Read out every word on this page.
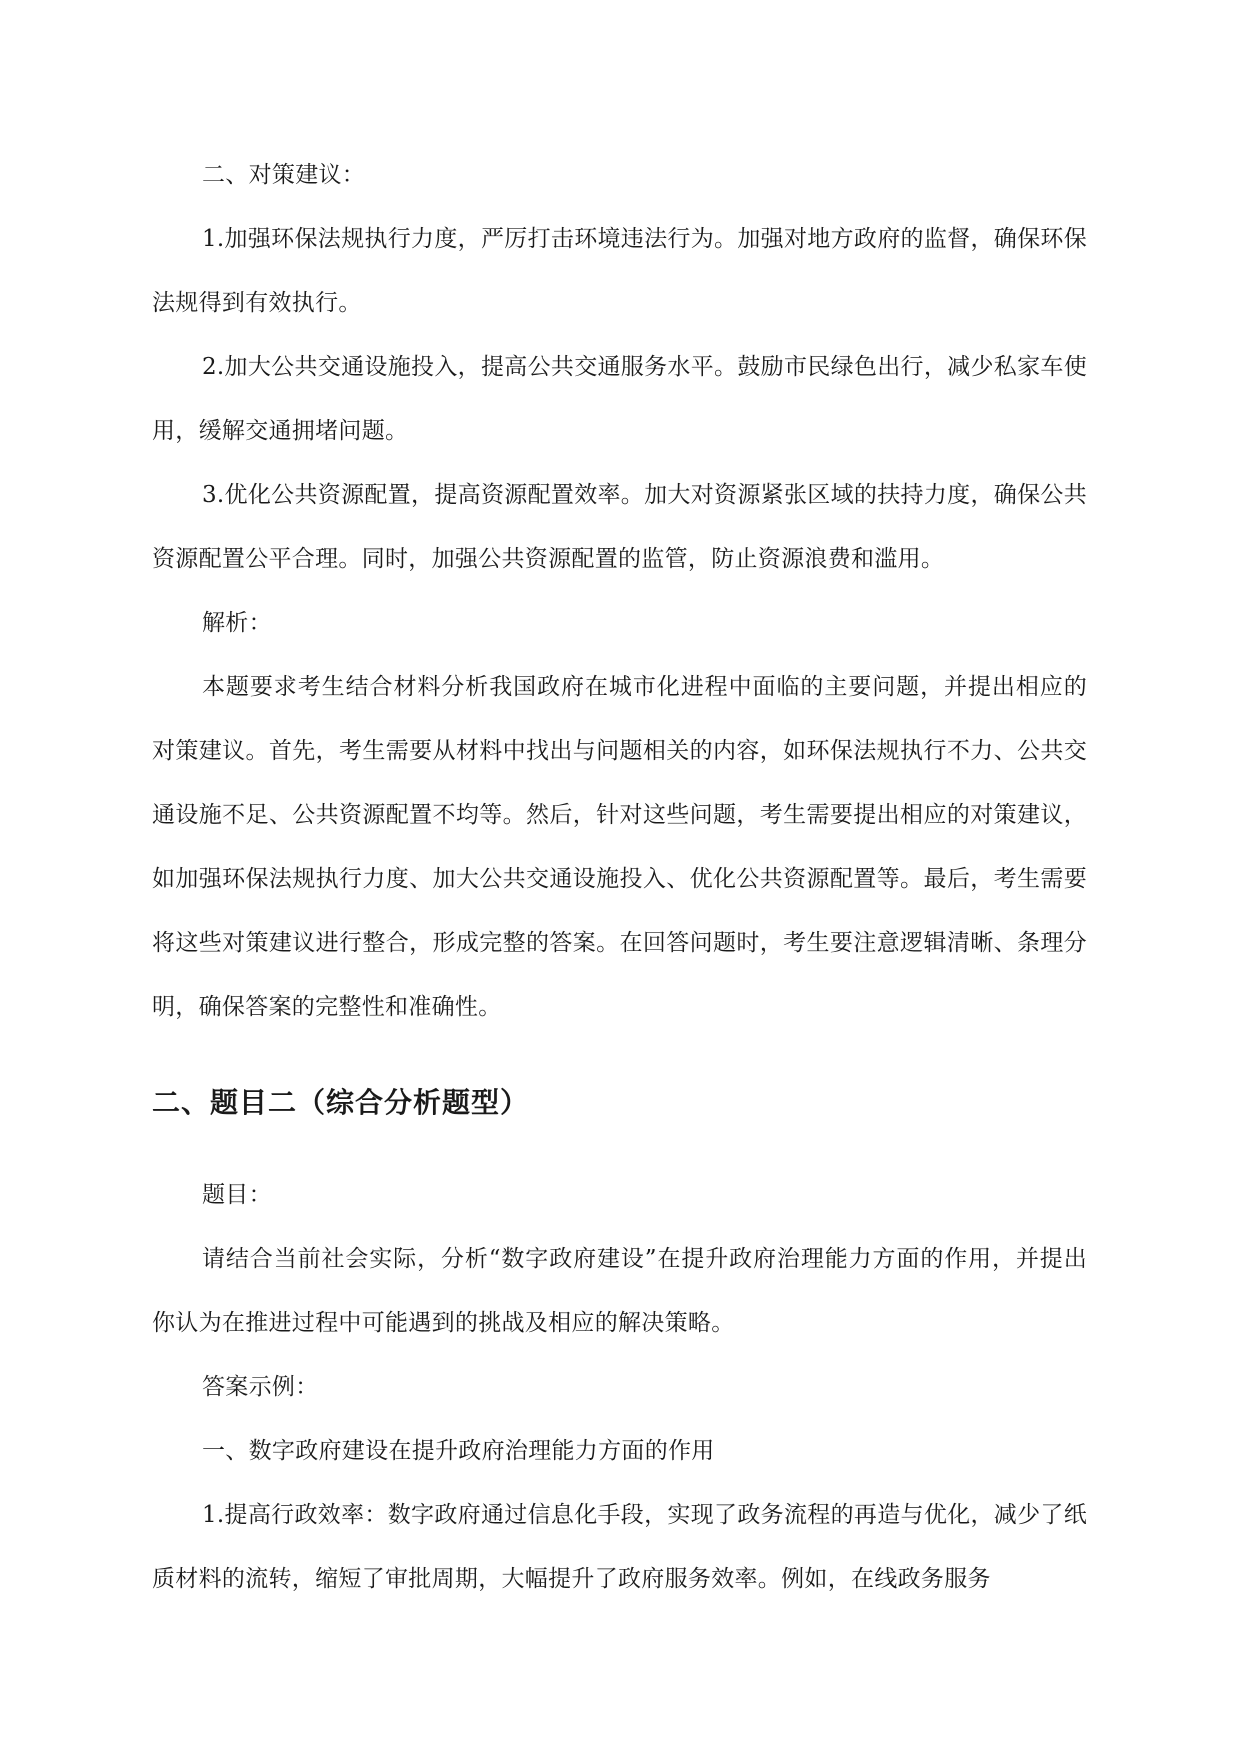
二、对策建议：

1.加强环保法规执行力度，严厉打击环境违法行为。加强对地方政府的监督，确保环保法规得到有效执行。

2.加大公共交通设施投入，提高公共交通服务水平。鼓励市民绿色出行，减少私家车使用，缓解交通拥堵问题。

3.优化公共资源配置，提高资源配置效率。加大对资源紧张区域的扶持力度，确保公共资源配置公平合理。同时，加强公共资源配置的监管，防止资源浪费和滥用。

解析：

本题要求考生结合材料分析我国政府在城市化进程中面临的主要问题，并提出相应的对策建议。首先，考生需要从材料中找出与问题相关的内容，如环保法规执行不力、公共交通设施不足、公共资源配置不均等。然后，针对这些问题，考生需要提出相应的对策建议，如加强环保法规执行力度、加大公共交通设施投入、优化公共资源配置等。最后，考生需要将这些对策建议进行整合，形成完整的答案。在回答问题时，考生要注意逻辑清晰、条理分明，确保答案的完整性和准确性。

二、题目二（综合分析题型）

题目：

请结合当前社会实际，分析“数字政府建设”在提升政府治理能力方面的作用，并提出你认为在推进过程中可能遇到的挑战及相应的解决策略。

答案示例：

一、数字政府建设在提升政府治理能力方面的作用

1.提高行政效率：数字政府通过信息化手段，实现了政务流程的再造与优化，减少了纸质材料的流转，缩短了审批周期，大幅提升了政府服务效率。例如，在线政务服务
